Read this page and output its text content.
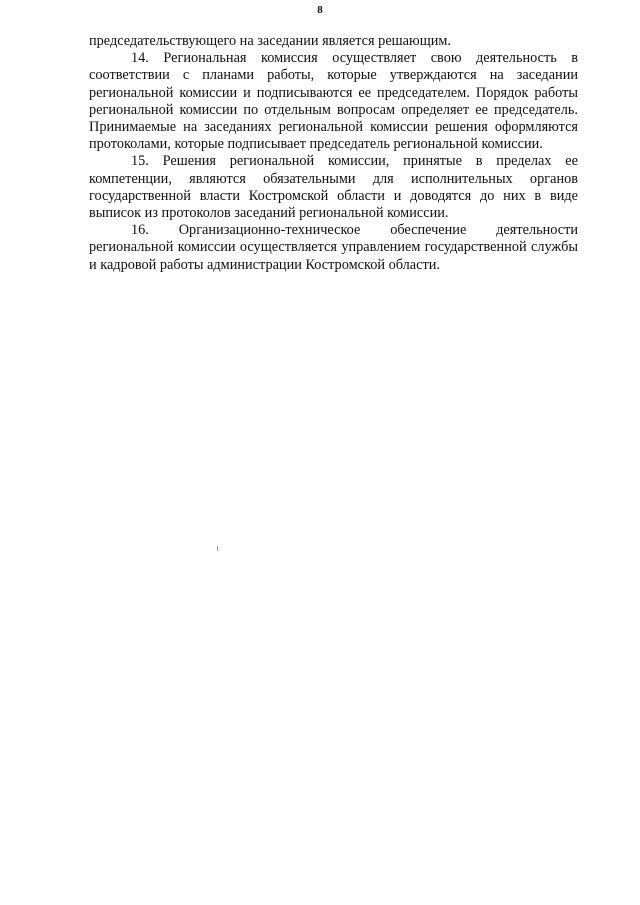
8

председательствующего на заседании является решающим.

14. Региональная комиссия осуществляет свою деятельность в соответствии с планами работы, которые утверждаются на заседании региональной комиссии и подписываются ее председателем. Порядок работы региональной комиссии по отдельным вопросам определяет ее председатель. Принимаемые на заседаниях региональной комиссии решения оформляются протоколами, которые подписывает председатель региональной комиссии.

15. Решения региональной комиссии, принятые в пределах ее компетенции, являются обязательными для исполнительных органов государственной власти Костромской области и доводятся до них в виде выписок из протоколов заседаний региональной комиссии.

16. Организационно-техническое обеспечение деятельности региональной комиссии осуществляется управлением государственной службы и кадровой работы администрации Костромской области.
